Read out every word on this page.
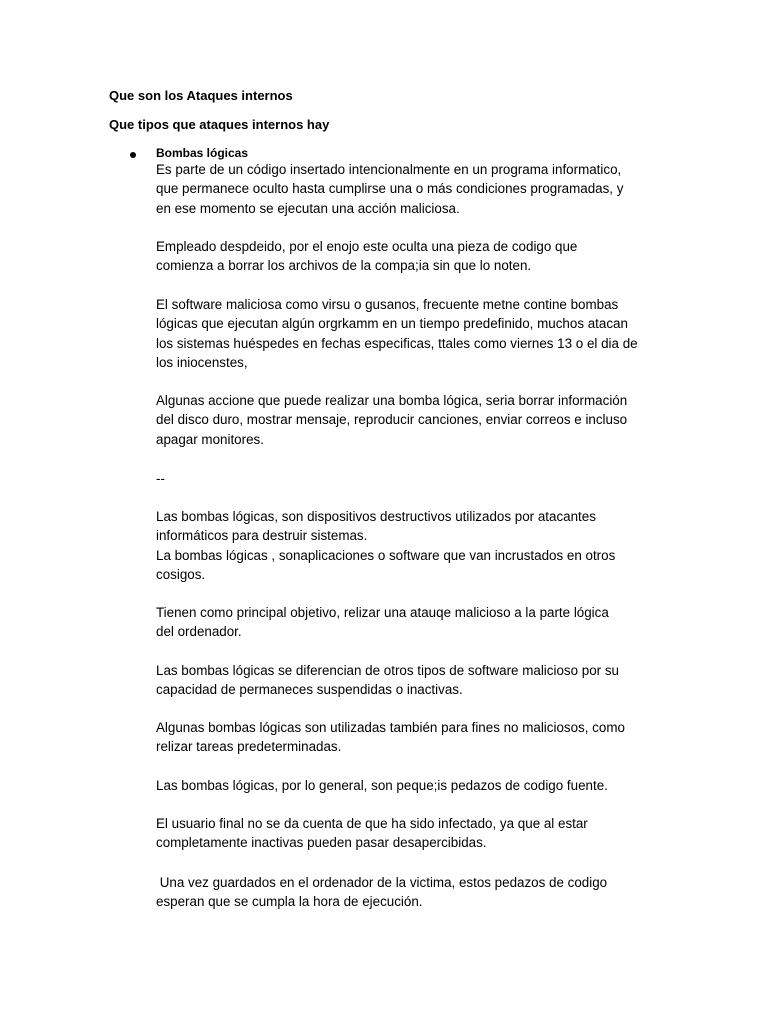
Que son los Ataques internos
Que tipos que ataques internos hay
Bombas lógicas

Es parte de un código insertado intencionalmente en un programa informatico,
que permanece oculto hasta cumplirse una o más condiciones programadas, y
en ese momento se ejecutan una acción maliciosa.

Empleado despdeido, por el enojo este oculta una pieza de codigo que
comienza a borrar los archivos de la compa;ia sin que lo noten.

El software maliciosa como virsu o gusanos, frecuente metne contine bombas
lógicas que ejecutan algún orgrkamm en un tiempo predefinido, muchos atacan
los sistemas huéspedes en fechas especificas, ttales como viernes 13 o el dia de
los iniocenstes,

Algunas accione que puede realizar una bomba lógica, seria borrar información
del disco duro, mostrar mensaje, reproducir canciones, enviar correos e incluso
apagar monitores.

--

Las bombas lógicas, son dispositivos destructivos utilizados por atacantes
informáticos para destruir sistemas.
La bombas lógicas , sonaplicaciones o software que van incrustados en otros
cosigos.

Tienen como principal objetivo, relizar una atauqe malicioso a la parte lógica
del ordenador.

Las bombas lógicas se diferencian de otros tipos de software malicioso por su
capacidad de permaneces suspendidas o inactivas.

Algunas bombas lógicas son utilizadas también para fines no maliciosos, como
relizar tareas predeterminadas.

Las bombas lógicas, por lo general, son peque;is pedazos de codigo fuente.

El usuario final no se da cuenta de que ha sido infectado, ya que al estar
completamente inactivas pueden pasar desapercibidas.

Una vez guardados en el ordenador de la victima, estos pedazos de codigo
esperan que se cumpla la hora de ejecución.
